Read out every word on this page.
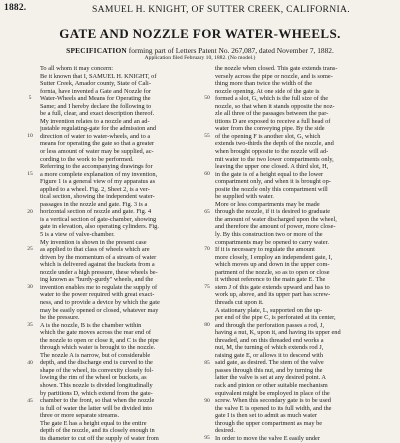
1882.	SAMUEL H. KNIGHT, OF SUTTER CREEK, CALIFORNIA.
GATE AND NOZZLE FOR WATER-WHEELS.
SPECIFICATION forming part of Letters Patent No. 267,087, dated November 7, 1882.
Application filed February 10, 1882. (No model.)
5
10
15
20
25
30
35
40
45
To all whom it may concern:
Be it known that I, SAMUEL H. KNIGHT, of
Sutter Creek, Amador county, State of Cali-
fornia, have invented a Gate and Nozzle for
Water-Wheels and Means for Operating the
Same; and I hereby declare the following to
be a full, clear, and exact description thereof.
My invention relates to a nozzle and an ad-
justable regulating-gate for the admission and
direction of water to water-wheels, and to a
means for operating the gate so that a greater
or less amount of water may be supplied, ac-
cording to the work to be performed.
Referring to the accompanying drawings for
a more complete explanation of my invention,
Figure 1 is a general view of my apparatus as
applied to a wheel. Fig. 2, Sheet 2, is a ver-
tical section, showing the independent water-
passages in the nozzle and gate. Fig. 3 is a
horizontal section of nozzle and gate. Fig. 4
is a vertical section of gate-chamber, showing
gate in elevation, also operating cylinders. Fig.
5 is a view of valve-chamber.
My invention is shown in the present case
as applied to that class of wheels which are
driven by the momentum of a stream of water
which is delivered against the buckets from a
nozzle under a high pressure, these wheels be-
ing known as "hurdy-gurdy" wheels, and the
invention enables me to regulate the supply of
water to the power required with great exact-
ness, and to provide a device by which the gate
may be easily opened or closed, whatever may
be the pressure.
A is the nozzle, B is the chamber within
which the gate moves across the rear end of
the nozzle to open or close it, and C is the pipe
through which water is brought to the nozzle.
The nozzle A is narrow, but of considerable
depth, and the discharge end is curved to the
shape of the wheel, its convexity closely fol-
lowing the rim of the wheel or buckets, as
shown. This nozzle is divided longitudinally
by partitions D, which extend from the gate-
chamber to the front, so that when the nozzle
is full of water the latter will be divided into
three or more separate streams.
The gate E has a height equal to the entire
depth of the nozzle, and its closely enough in
its diameter to cut off the supply of water from
50
55
60
65
70
75
80
85
90
95
the nozzle when closed. This gate extends trans-
versely across the pipe or nozzle, and is some-
thing more than twice the width of the
nozzle opening. At one side of the gate is
formed a slot, G, which is the full size of the
nozzle, so that when it stands opposite the noz-
zle all three of the passages between the par-
titions D are exposed to receive a full head of
water from the conveying pipe. By the side
of the opening F is another slot, G, which
extends two-thirds the depth of the nozzle, and
when brought opposite to the nozzle will ad-
mit water to the two lower compartments only,
leaving the upper one closed. A third slot, H,
in the gate is of a height equal to the lower
compartment only, and when it is brought op-
posite the nozzle only this compartment will
be supplied with water.
More or less compartments may be made
through the nozzle, if it is desired to graduate
the amount of water discharged upon the wheel,
and therefore the amount of power, more close-
ly. By this construction two or more of the
compartments may be opened to carry water.
If it is necessary to regulate the amount
more closely, I employ an independent gate, I,
which moves up and down in the upper com-
partment of the nozzle, so as to open or close
it without reference to the main gate E. The
stem J of this gate extends upward and has to
work up, above, and its upper part has screw-
threads cut upon it.
A stationary plate, L, supported on the up-
per end of the pipe C, is perforated at its center,
and through the perforation passes a rod, J,
having a nut, K, upon it, and having its upper end
threaded, and on this threaded end works a
nut, M, the turning of which extends rod J,
raising gate E, or allows it to descend with
said gate, as desired. The stem of the valve
passes through this nut, and by turning the
latter the valve is set at any desired point. A
rack and pinion or other suitable mechanism
equivalent might be employed in place of the
screw. When this secondary gate is to be used
the valve E is opened to its full width, and the
gate I is then set to admit as much water
through the upper compartment as may be
desired.
In order to move the valve E easily under
